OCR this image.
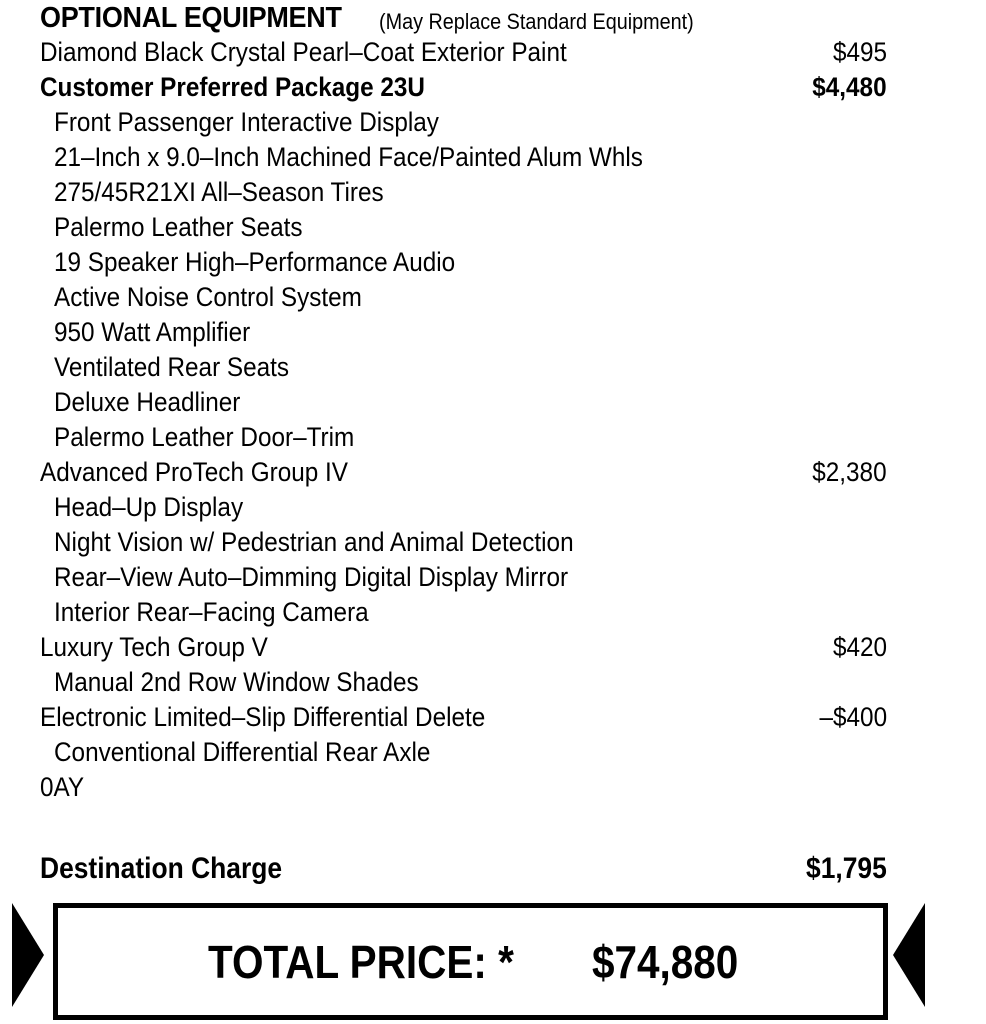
OPTIONAL EQUIPMENT (May Replace Standard Equipment)
Diamond Black Crystal Pearl–Coat Exterior Paint	$495
Customer Preferred Package 23U	$4,480
Front Passenger Interactive Display
21–Inch x 9.0–Inch Machined Face/Painted Alum Whls
275/45R21XI All–Season Tires
Palermo Leather Seats
19 Speaker High–Performance Audio
Active Noise Control System
950 Watt Amplifier
Ventilated Rear Seats
Deluxe Headliner
Palermo Leather Door–Trim
Advanced ProTech Group IV	$2,380
Head–Up Display
Night Vision w/ Pedestrian and Animal Detection
Rear–View Auto–Dimming Digital Display Mirror
Interior Rear–Facing Camera
Luxury Tech Group V	$420
Manual 2nd Row Window Shades
Electronic Limited–Slip Differential Delete	–$400
Conventional Differential Rear Axle
0AY
Destination Charge	$1,795
TOTAL PRICE: * $74,880
